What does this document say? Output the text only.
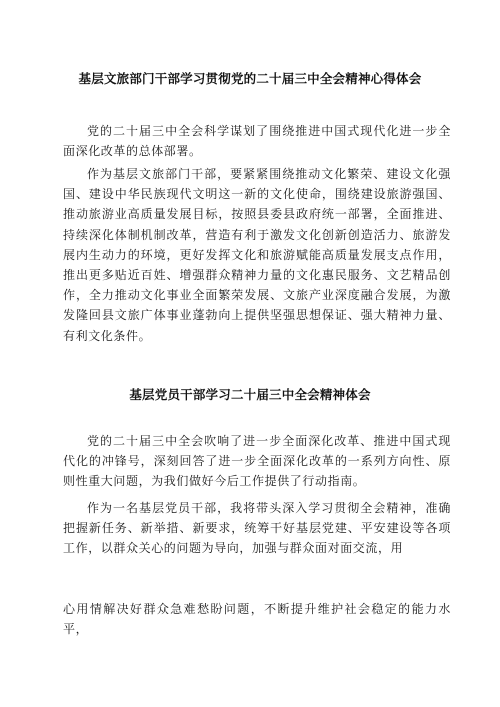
基层文旅部门干部学习贯彻党的二十届三中全会精神心得体会

党的二十届三中全会科学谋划了围绕推进中国式现代化进一步全面深化改革的总体部署。

作为基层文旅部门干部，要紧紧围绕推动文化繁荣、建设文化强国、建设中华民族现代文明这一新的文化使命，围绕建设旅游强国、推动旅游业高质量发展目标，按照县委县政府统一部署，全面推进、持续深化体制机制改革，营造有利于激发文化创新创造活力、旅游发展内生动力的环境，更好发挥文化和旅游赋能高质量发展支点作用，推出更多贴近百姓、增强群众精神力量的文化惠民服务、文艺精品创作，全力推动文化事业全面繁荣发展、文旅产业深度融合发展，为激发隆回县文旅广体事业蓬勃向上提供坚强思想保证、强大精神力量、有利文化条件。

基层党员干部学习二十届三中全会精神体会

党的二十届三中全会吹响了进一步全面深化改革、推进中国式现代化的冲锋号，深刻回答了进一步全面深化改革的一系列方向性、原则性重大问题，为我们做好今后工作提供了行动指南。

作为一名基层党员干部，我将带头深入学习贯彻全会精神，准确把握新任务、新举措、新要求，统筹干好基层党建、平安建设等各项工作，以群众关心的问题为导向，加强与群众面对面交流，用

心用情解决好群众急难愁盼问题，不断提升维护社会稳定的能力水平，
